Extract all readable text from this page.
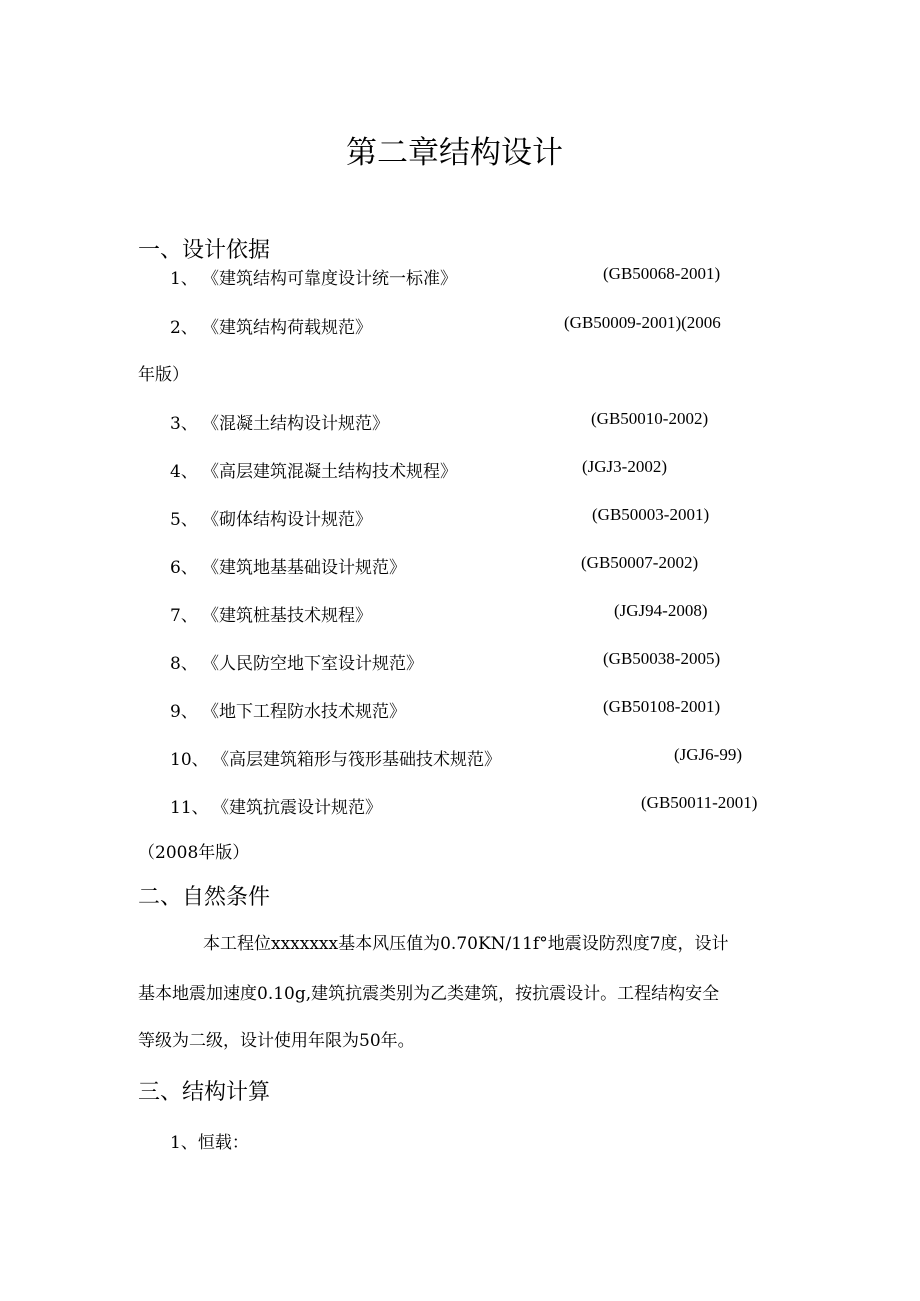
第二章结构设计
一、设计依据
1、 《建筑结构可靠度设计统一标准》	(GB50068-2001)
2、 《建筑结构荷载规范》	(GB50009-2001)(2006
年版）
3、 《混凝土结构设计规范》	(GB50010-2002)
4、 《高层建筑混凝土结构技术规程》	(JGJ3-2002)
5、 《砌体结构设计规范》	(GB50003-2001)
6、 《建筑地基基础设计规范》	(GB50007-2002)
7、 《建筑桩基技术规程》	(JGJ94-2008)
8、 《人民防空地下室设计规范》	(GB50038-2005)
9、 《地下工程防水技术规范》	(GB50108-2001)
10、 《高层建筑箱形与筏形基础技术规范》	(JGJ6-99)
11、 《建筑抗震设计规范》	(GB50011-2001)
（2008年版）
二、自然条件
本工程位xxxxxxx基本风压值为0.70KN/11f°地震设防烈度7度，设计
基本地震加速度0.10g,建筑抗震类别为乙类建筑，按抗震设计。工程结构安全
等级为二级，设计使用年限为50年。
三、结构计算
1、恒载：
